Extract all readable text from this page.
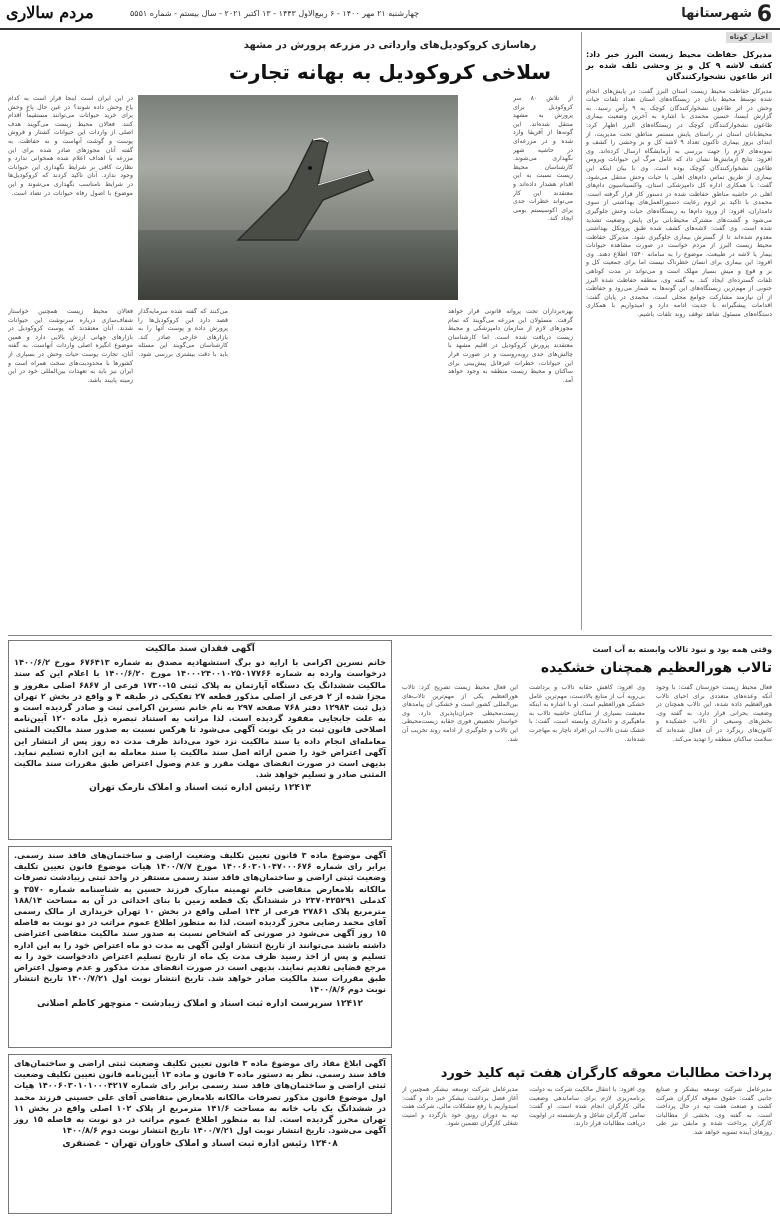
6
شهرستانها
چهارشنبه ۲۱ مهر ۱۴۰۰ - ۶ ربیع‌الاول ۱۴۴۳ - ۱۳ اکتبر ۲۰۲۱ - سال بیستم - شماره ۵۵۵۱
مردم سالاری
اخبار کوتاه
مدیرکل حفاظت محیط زیست البرز خبر داد: کشف لاشه ۹ کل و بز وحشی تلف شده بر اثر طاعون نشخوارکنندگان
مدیرکل حفاظت محیط زیست استان البرز گفت: در پایش‌های انجام شده توسط محیط بانان در زیستگاه‌های استان تعداد تلفات حیات وحش در اثر طاعون نشخوارکنندگان کوچک به ۹ رأس رسید. به گزارش ایسنا، حسین محمدی با اشاره به آخرین وضعیت بیماری طاعون نشخوارکنندگان کوچک در زیستگاه‌های البرز اظهار کرد: محیط‌بانان استان در راستای پایش مستمر مناطق تحت مدیریت، از ابتدای بروز بیماری تاکنون تعداد ۹ لاشه کل و بز وحشی را کشف و نمونه‌های لازم را جهت بررسی به آزمایشگاه ارسال کرده‌اند. وی افزود: نتایج آزمایش‌ها نشان داد که عامل مرگ این حیوانات ویروس طاعون نشخوارکنندگان کوچک بوده است. وی با بیان اینکه این بیماری از طریق تماس دام‌های اهلی با حیات وحش منتقل می‌شود، گفت: با همکاری اداره کل دامپزشکی استان، واکسیناسیون دام‌های اهلی در حاشیه مناطق حفاظت شده در دستور کار قرار گرفته است. محمدی با تاکید بر لزوم رعایت دستورالعمل‌های بهداشتی از سوی دامداران، افزود: از ورود دام‌ها به زیستگاه‌های حیات وحش جلوگیری می‌شود و گشت‌های مشترک محیط‌بانی برای پایش وضعیت تشدید شده است. وی گفت: لاشه‌های کشف شده طبق پروتکل بهداشتی معدوم شده‌اند تا از گسترش بیماری جلوگیری شود. مدیرکل حفاظت محیط زیست البرز از مردم خواست در صورت مشاهده حیوانات بیمار یا لاشه در طبیعت، موضوع را به سامانه ۱۵۴۰ اطلاع دهند. وی افزود: این بیماری برای انسان خطرناک نیست اما برای جمعیت کل و بز و قوچ و میش بسیار مهلک است و می‌تواند در مدت کوتاهی تلفات گسترده‌ای ایجاد کند. به گفته وی، منطقه حفاظت شده البرز جنوبی از مهم‌ترین زیستگاه‌های این گونه‌ها به شمار می‌رود و حفاظت از آن نیازمند مشارکت جوامع محلی است. محمدی در پایان گفت: اقدامات پیشگیرانه با جدیت ادامه دارد و امیدواریم با همکاری دستگاه‌های مسئول شاهد توقف روند تلفات باشیم.
رهاسازی کروکودیل‌های وارداتی در مزرعه پرورش در مشهد
سلاخی کروکودیل به بهانه تجارت
از تلاش ۸۰ سر کروکودیل برای پرورش به مشهد منتقل شده‌اند. این گونه‌ها از آفریقا وارد شده و در مزرعه‌ای در حاشیه شهر نگهداری می‌شوند. کارشناسان محیط زیست نسبت به این اقدام هشدار داده‌اند و معتقدند این کار می‌تواند خطرات جدی برای اکوسیستم بومی ایجاد کند.
در این ایران است اینجا قرار است به کدام پاخ وحش داده شوند؟ در عین حال پاخ وحش برای خرید حیوانات می‌توانند مستقیماً اقدام کنند. فعالان محیط زیست می‌گویند هدف اصلی از واردات این حیوانات کشتار و فروش پوست و گوشت آنهاست و نه حفاظت. به گفته آنان مجوزهای صادر شده برای این مزرعه با اهداف اعلام شده همخوانی ندارد و نظارت کافی بر شرایط نگهداری این حیوانات وجود ندارد. آنان تاکید کردند که کروکودیل‌ها در شرایط نامناسب نگهداری می‌شوند و این موضوع با اصول رفاه حیوانات در تضاد است.
بهره‌برداران تجت پروانه قانونی قرار خواهد گرفت. مسئولان این مزرعه می‌گویند که تمام مجوزهای لازم از سازمان دامپزشکی و محیط زیست دریافت شده است. اما کارشناسان معتقدند پرورش کروکودیل در اقلیم مشهد با چالش‌های جدی روبه‌روست و در صورت فرار این حیوانات، خطرات غیرقابل پیش‌بینی برای ساکنان و محیط زیست منطقه به وجود خواهد آمد.
فعالان محیط زیست همچنین خواستار شفاف‌سازی درباره سرنوشت این حیوانات شدند. آنان معتقدند که پوست کروکودیل در بازارهای جهانی ارزش بالایی دارد و همین موضوع انگیزه اصلی واردات آنهاست. به گفته آنان، تجارت پوست حیات وحش در بسیاری از کشورها با محدودیت‌های سخت همراه است و ایران نیز باید به تعهدات بین‌المللی خود در این زمینه پایبند باشد.
می‌کنند که گفته شده سرمایه‌گذار قصد دارد این کروکودیل‌ها را پرورش داده و پوست آنها را به بازارهای خارجی صادر کند. کارشناسان می‌گویند این مسئله باید با دقت بیشتری بررسی شود.
آگهی فقدان سند مالکیت
خانم نسرین اکرامی با ارایه دو برگ استشهادیه مصدق به شماره ۶۷۶۴۱۳ مورخ ۱۴۰۰/۶/۲ درخواست وارده به شماره ۱۴۰۰۰۲۴۰۰۱۰۲۵۰۱۷۷۶۶ مورخ ۱۴۰۰/۶/۲۰ با اعلام این که سند مالکیت ششدانگ یک دستگاه آپارتمان به پلاک ثبتی ۱۵-۱۷۳۰ فرعی از ۶۸۶۷ اصلی مفروز و مجزا شده از ۲ فرعی از اصلی مذکور قطعه ۲۷ تفکیکی در طبقه ۴ و واقع در بخش ۲ تهران ذیل ثبت ۱۲۹۸۴ دفتر ۷۶۸ صفحه ۲۹۷ به نام خانم نسرین اکرامی ثبت و صادر گردیده است و به علت جابجایی مفقود گردیده است. لذا مراتب به استناد تبصره ذیل ماده ۱۲۰ آیین‌نامه اصلاحی قانون ثبت در یک نوبت آگهی می‌شود تا هرکس نسبت به صدور سند مالکیت المثنی معامله‌ای انجام داده یا سند مالکیت نزد خود می‌داند ظرف مدت ده روز پس از انتشار این آگهی اعتراض خود را ضمن ارائه اصل سند مالکیت یا سند معامله به این اداره تسلیم نماید. بدیهی است در صورت انقضای مهلت مقرر و عدم وصول اعتراض طبق مقررات سند مالکیت المثنی صادر و تسلیم خواهد شد.
۱۲۴۱۳ رئیس اداره ثبت اسناد و املاک نارمک تهران
آگهی موضوع ماده ۳ قانون تعیین تکلیف وضعیت اراضی و ساختمان‌های فاقد سند رسمی. برابر رای شماره ۱۴۰۰۶۰۳۰۱۰۴۷۰۰۰۶۷۶ مورخ ۱۴۰۰/۷/۷ هیات موضوع قانون تعیین تکلیف وضعیت ثبتی اراضی و ساختمان‌های فاقد سند رسمی مستقر در واحد ثبتی زیبادشت تصرفات مالکانه بلامعارض متقاضی خانم تهمینه مبارک فرزند حسین به شناسنامه شماره ۳۵۷۰ و کدملی ۲۳۷۰۴۲۵۲۹۱ در ششدانگ یک قطعه زمین با بنای احداثی در آن به مساحت ۱۸۸/۱۴ مترمربع پلاک ۲۷۸۶۱ فرعی از ۱۴۴ اصلی واقع در بخش ۱۰ تهران خریداری از مالک رسمی آقای محمد رضایی محرز گردیده است. لذا به منظور اطلاع عموم مراتب در دو نوبت به فاصله ۱۵ روز آگهی می‌شود در صورتی که اشخاص نسبت به صدور سند مالکیت متقاضی اعتراضی داشته باشند می‌توانند از تاریخ انتشار اولین آگهی به مدت دو ماه اعتراض خود را به این اداره تسلیم و پس از اخذ رسید ظرف مدت یک ماه از تاریخ تسلیم اعتراض دادخواست خود را به مرجع قضایی تقدیم نمایند. بدیهی است در صورت انقضای مدت مذکور و عدم وصول اعتراض طبق مقررات سند مالکیت صادر خواهد شد. تاریخ انتشار نوبت اول ۱۴۰۰/۷/۲۱ تاریخ انتشار نوبت دوم ۱۴۰۰/۸/۶
۱۲۴۱۲ سرپرست اداره ثبت اسناد و املاک زیبادشت - منوچهر کاظم اصلانی
آگهی ابلاغ مفاد رای موضوع ماده ۳ قانون تعیین تکلیف وضعیت ثبتی اراضی و ساختمان‌های فاقد سند رسمی. نظر به دستور ماده ۳ قانون و ماده ۱۳ آیین‌نامه قانون تعیین تکلیف وضعیت ثبتی اراضی و ساختمان‌های فاقد سند رسمی برابر رای شماره ۱۴۰۰۶۰۳۰۱۰۱۰۰۰۴۲۱۷ هیات اول موضوع قانون مذکور تصرفات مالکانه بلامعارض متقاضی آقای علی حسینی فرزند محمد در ششدانگ یک باب خانه به مساحت ۱۴۱/۶ مترمربع از پلاک ۱۰۲ اصلی واقع در بخش ۱۱ تهران محرز گردیده است. لذا به منظور اطلاع عموم مراتب در دو نوبت به فاصله ۱۵ روز آگهی می‌شود. تاریخ انتشار نوبت اول ۱۴۰۰/۷/۲۱ تاریخ انتشار نوبت دوم ۱۴۰۰/۸/۶
۱۲۴۰۸ رئیس اداره ثبت اسناد و املاک خاوران تهران - غضنفری
وقتی همه بود و نبود تالاب وابسته به آب است
تالاب هورالعظیم همچنان خشکیده
فعال محیط زیست خوزستان گفت: با وجود آنکه وعده‌های متعددی برای احیای تالاب هورالعظیم داده شده، این تالاب همچنان در وضعیت بحرانی قرار دارد. به گفته وی، بخش‌های وسیعی از تالاب خشکیده و کانون‌های ریزگرد در آن فعال شده‌اند که سلامت ساکنان منطقه را تهدید می‌کند.
وی افزود: کاهش حقابه تالاب و برداشت بی‌رویه آب از منابع بالادست، مهم‌ترین عامل خشکی هورالعظیم است. او با اشاره به اینکه معیشت بسیاری از ساکنان حاشیه تالاب به ماهیگیری و دامداری وابسته است، گفت: با خشک شدن تالاب، این افراد ناچار به مهاجرت شده‌اند.
این فعال محیط زیست تصریح کرد: تالاب هورالعظیم یکی از مهم‌ترین تالاب‌های بین‌المللی کشور است و خشکی آن پیامدهای زیست‌محیطی جبران‌ناپذیری دارد. وی خواستار تخصیص فوری حقابه زیست‌محیطی این تالاب و جلوگیری از ادامه روند تخریب آن شد.
پرداخت مطالبات معوقه کارگران هفت تپه کلید خورد
مدیرعامل شرکت توسعه نیشکر و صنایع جانبی گفت: حقوق معوقه کارگران شرکت کشت و صنعت هفت تپه در حال پرداخت است. به گفته وی، بخشی از مطالبات کارگران پرداخت شده و مابقی نیز طی روزهای آینده تسویه خواهد شد.
وی افزود: با انتقال مالکیت شرکت به دولت، برنامه‌ریزی لازم برای ساماندهی وضعیت مالی کارگران انجام شده است. او گفت: تمامی کارگران شاغل و بازنشسته در اولویت دریافت مطالبات قرار دارند.
مدیرعامل شرکت توسعه نیشکر همچنین از آغاز فصل برداشت نیشکر خبر داد و گفت: امیدواریم با رفع مشکلات مالی، شرکت هفت تپه به دوران رونق خود بازگردد و امنیت شغلی کارگران تضمین شود.
